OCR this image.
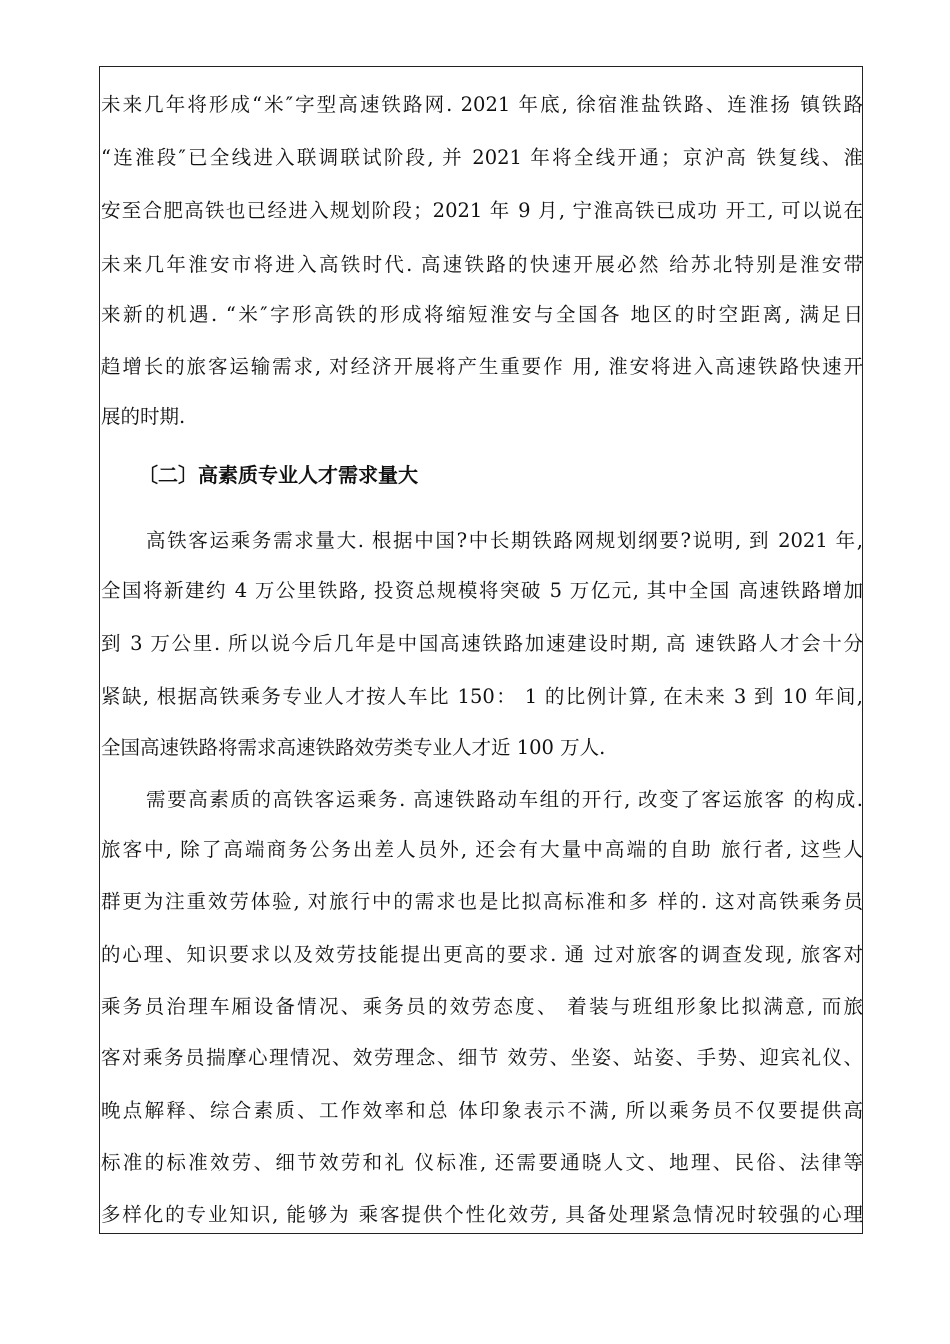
未来几年将形成“米″字型高速铁路网. 2021 年底, 徐宿淮盐铁路、连淮扬 镇铁路
“连淮段″已全线进入联调联试阶段, 并 2021 年将全线开通；京沪高 铁复线、淮
安至合肥高铁也已经进入规划阶段；2021 年 9 月, 宁淮高铁已成功 开工, 可以说在
未来几年淮安市将进入高铁时代. 高速铁路的快速开展必然 给苏北特别是淮安带
来新的机遇. “米″字形高铁的形成将缩短淮安与全国各 地区的时空距离, 满足日
趋增长的旅客运输需求, 对经济开展将产生重要作 用, 淮安将进入高速铁路快速开
展的时期.
〔二〕高素质专业人才需求量大
高铁客运乘务需求量大. 根据中国?中长期铁路网规划纲要?说明, 到 2021 年,
全国将新建约 4 万公里铁路, 投资总规模将突破 5 万亿元, 其中全国 高速铁路增加
到 3 万公里. 所以说今后几年是中国高速铁路加速建设时期, 高 速铁路人才会十分
紧缺, 根据高铁乘务专业人才按人车比 150： 1 的比例计算, 在未来 3 到 10 年间,
全国高速铁路将需求高速铁路效劳类专业人才近 100 万人.
需要高素质的高铁客运乘务. 高速铁路动车组的开行, 改变了客运旅客 的构成.
旅客中, 除了高端商务公务出差人员外, 还会有大量中高端的自助 旅行者, 这些人
群更为注重效劳体验, 对旅行中的需求也是比拟高标准和多 样的. 这对高铁乘务员
的心理、知识要求以及效劳技能提出更高的要求. 通 过对旅客的调查发现, 旅客对
乘务员治理车厢设备情况、乘务员的效劳态度、 着装与班组形象比拟满意, 而旅
客对乘务员揣摩心理情况、效劳理念、细节 效劳、坐姿、站姿、手势、迎宾礼仪、
晚点解释、综合素质、工作效率和总 体印象表示不满, 所以乘务员不仅要提供高
标准的标准效劳、细节效劳和礼 仪标准, 还需要通晓人文、地理、民俗、法律等
多样化的专业知识, 能够为 乘客提供个性化效劳, 具备处理紧急情况时较强的心理
